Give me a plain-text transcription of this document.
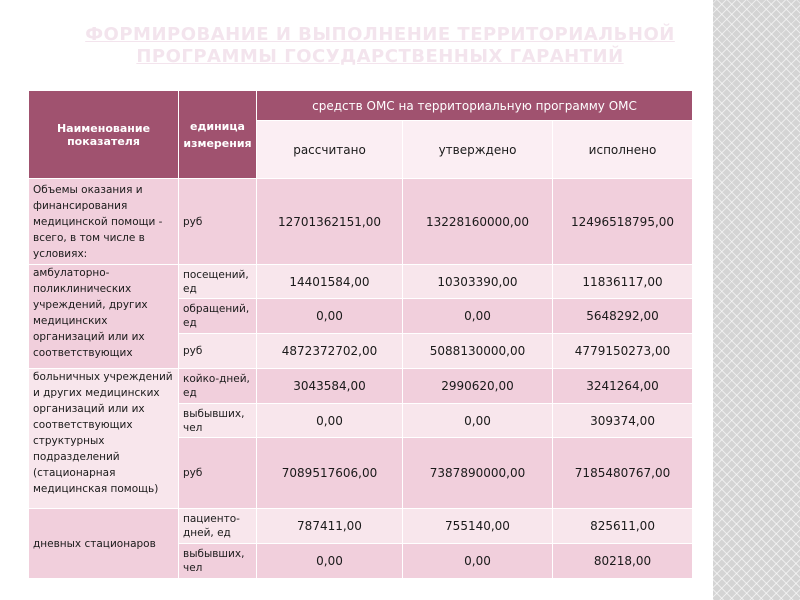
ФОРМИРОВАНИЕ И ВЫПОЛНЕНИЕ ТЕРРИТОРИАЛЬНОЙ
ПРОГРАММЫ ГОСУДАРСТВЕННЫХ ГАРАНТИЙ
Наименование показателя	единица измерения	средств ОМС на территориальную программу ОМС		
		рассчитано	утверждено	исполнено
Объемы оказания и финансирования медицинской помощи - всего, в том числе в условиях:	руб	12701362151,00	13228160000,00	12496518795,00
амбулаторно-поликлинических учреждений, других медицинских организаций или их соответствующих	посещений, ед	14401584,00	10303390,00	11836117,00
	обращений, ед	0,00	0,00	5648292,00
	руб	4872372702,00	5088130000,00	4779150273,00
больничных учреждений и других медицинских организаций или их соответствующих структурных подразделений (стационарная медицинская помощь)	койко-дней, ед	3043584,00	2990620,00	3241264,00
	выбывших, чел	0,00	0,00	309374,00
	руб	7089517606,00	7387890000,00	7185480767,00
дневных стационаров	пациенто-дней, ед	787411,00	755140,00	825611,00
	выбывших, чел	0,00	0,00	80218,00
